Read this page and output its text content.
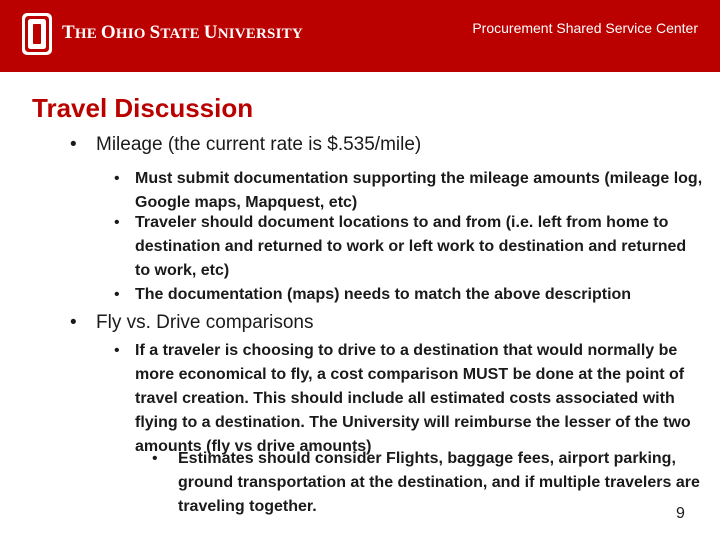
THE OHIO STATE UNIVERSITY	Procurement Shared Service Center
Travel Discussion
• Mileage (the current rate is $.535/mile)
• Must submit documentation supporting the mileage amounts (mileage log, Google maps, Mapquest, etc)
• Traveler should document locations to and from (i.e. left from home to destination and returned to work or left work to destination and returned to work, etc)
• The documentation (maps) needs to match the above description
• Fly vs. Drive comparisons
• If a traveler is choosing to drive to a destination that would normally be more economical to fly, a cost comparison MUST be done at the point of travel creation. This should include all estimated costs associated with flying to a destination. The University will reimburse the lesser of the two amounts (fly vs drive amounts)
• Estimates should consider Flights, baggage fees, airport parking, ground transportation at the destination, and if multiple travelers are traveling together.	9
